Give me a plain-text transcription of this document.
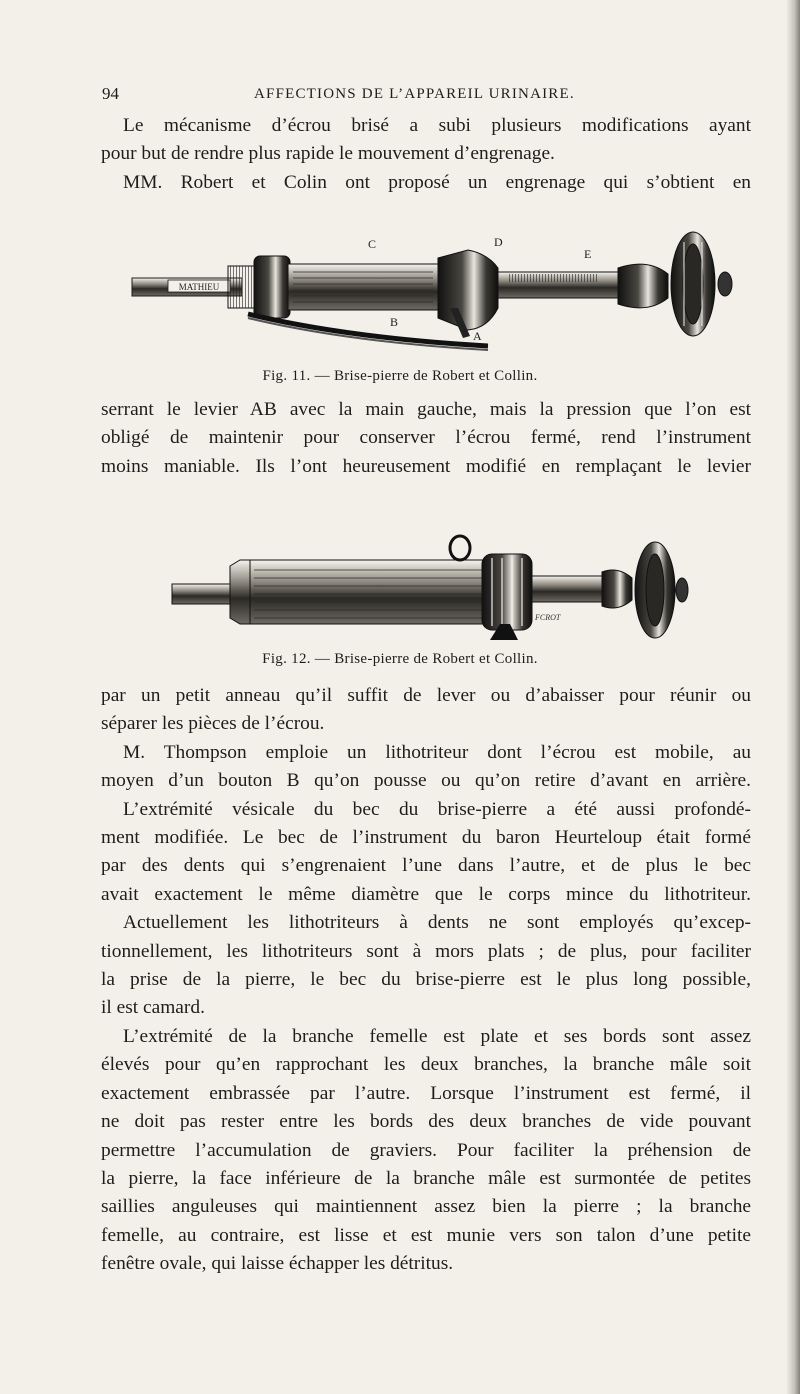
94	AFFECTIONS DE L’APPAREIL URINAIRE.
Le mécanisme d’écrou brisé a subi plusieurs modifications ayant
pour but de rendre plus rapide le mouvement d’engrenage.
MM. Robert et Colin ont proposé un engrenage qui s’obtient en
MATHIEU
C	D
E
B
A
Fig. 11. — Brise-pierre de Robert et Collin.
serrant le levier AB avec la main gauche, mais la pression que l’on est
obligé de maintenir pour conserver l’écrou fermé, rend l’instrument
moins maniable. Ils l’ont heureusement modifié en remplaçant le levier
FCROT
Fig. 12. — Brise-pierre de Robert et Collin.
par un petit anneau qu’il suffit de lever ou d’abaisser pour réunir ou
séparer les pièces de l’écrou.
M. Thompson emploie un lithotriteur dont l’écrou est mobile, au
moyen d’un bouton B qu’on pousse ou qu’on retire d’avant en arrière.
L’extrémité vésicale du bec du brise-pierre a été aussi profondé-
ment modifiée. Le bec de l’instrument du baron Heurteloup était formé
par des dents qui s’engrenaient l’une dans l’autre, et de plus le bec
avait exactement le même diamètre que le corps mince du lithotriteur.
Actuellement les lithotriteurs à dents ne sont employés qu’excep-
tionnellement, les lithotriteurs sont à mors plats ; de plus, pour faciliter
la prise de la pierre, le bec du brise-pierre est le plus long possible,
il est camard.
L’extrémité de la branche femelle est plate et ses bords sont assez
élevés pour qu’en rapprochant les deux branches, la branche mâle soit
exactement embrassée par l’autre. Lorsque l’instrument est fermé, il
ne doit pas rester entre les bords des deux branches de vide pouvant
permettre l’accumulation de graviers. Pour faciliter la préhension de
la pierre, la face inférieure de la branche mâle est surmontée de petites
saillies anguleuses qui maintiennent assez bien la pierre ; la branche
femelle, au contraire, est lisse et est munie vers son talon d’une petite
fenêtre ovale, qui laisse échapper les détritus.
